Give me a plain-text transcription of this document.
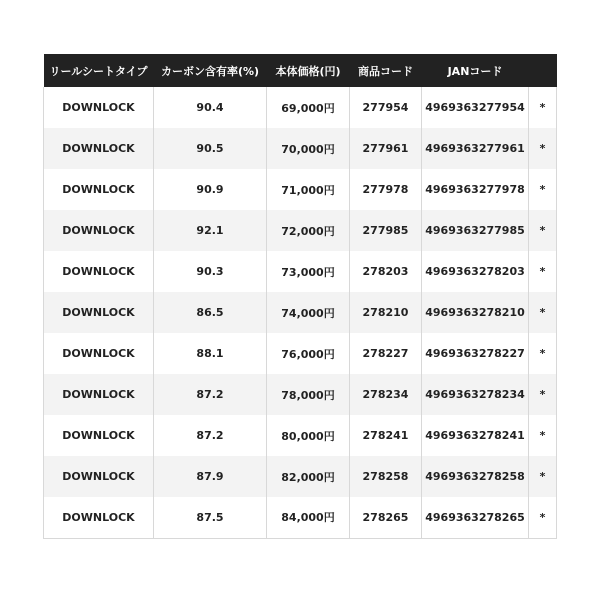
リールシートタイプ	カーボン含有率(%)	本体価格(円)	商品コード	JANコード	
DOWNLOCK	90.4	69,000円	277954	4969363277954	*
DOWNLOCK	90.5	70,000円	277961	4969363277961	*
DOWNLOCK	90.9	71,000円	277978	4969363277978	*
DOWNLOCK	92.1	72,000円	277985	4969363277985	*
DOWNLOCK	90.3	73,000円	278203	4969363278203	*
DOWNLOCK	86.5	74,000円	278210	4969363278210	*
DOWNLOCK	88.1	76,000円	278227	4969363278227	*
DOWNLOCK	87.2	78,000円	278234	4969363278234	*
DOWNLOCK	87.2	80,000円	278241	4969363278241	*
DOWNLOCK	87.9	82,000円	278258	4969363278258	*
DOWNLOCK	87.5	84,000円	278265	4969363278265	*
